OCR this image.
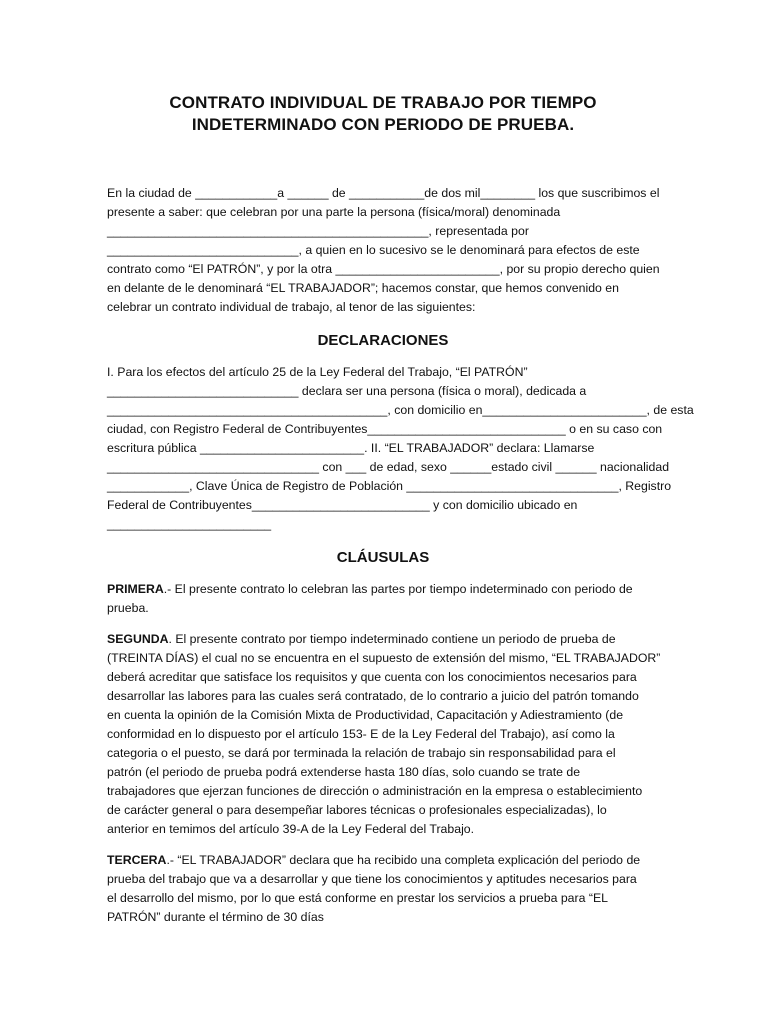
CONTRATO INDIVIDUAL DE TRABAJO POR TIEMPO
INDETERMINADO CON PERIODO DE PRUEBA.
En la ciudad de ____________a ______ de ___________de dos mil________ los que suscribimos el
presente a saber: que celebran por una parte la persona (física/moral) denominada
_______________________________________________, representada por
____________________________, a quien en lo sucesivo se le denominará para efectos de este
contrato como “El PATRÓN”, y por la otra ________________________, por su propio derecho quien
en delante de le denominará “EL TRABAJADOR”; hacemos constar, que hemos convenido en
celebrar un contrato individual de trabajo, al tenor de las siguientes:
DECLARACIONES
I. Para los efectos del artículo 25 de la Ley Federal del Trabajo, “El PATRÓN”
____________________________ declara ser una persona (física o moral), dedicada a
_________________________________________, con domicilio en________________________, de esta
ciudad, con Registro Federal de Contribuyentes_____________________________ o en su caso con
escritura pública ________________________. II. “EL TRABAJADOR” declara: Llamarse
_______________________________ con ___ de edad, sexo ______estado civil ______ nacionalidad
____________, Clave Única de Registro de Población _______________________________, Registro
Federal de Contribuyentes__________________________ y con domicilio ubicado en
________________________
CLÁUSULAS
PRIMERA.- El presente contrato lo celebran las partes por tiempo indeterminado con periodo de
prueba.
SEGUNDA. El presente contrato por tiempo indeterminado contiene un periodo de prueba de
(TREINTA DÍAS) el cual no se encuentra en el supuesto de extensión del mismo, “EL TRABAJADOR”
deberá acreditar que satisface los requisitos y que cuenta con los conocimientos necesarios para
desarrollar las labores para las cuales será contratado, de lo contrario a juicio del patrón tomando
en cuenta la opinión de la Comisión Mixta de Productividad, Capacitación y Adiestramiento (de
conformidad en lo dispuesto por el artículo 153- E de la Ley Federal del Trabajo), así como la
categoria o el puesto, se dará por terminada la relación de trabajo sin responsabilidad para el
patrón (el periodo de prueba podrá extenderse hasta 180 días, solo cuando se trate de
trabajadores que ejerzan funciones de dirección o administración en la empresa o establecimiento
de carácter general o para desempeñar labores técnicas o profesionales especializadas), lo
anterior en temimos del artículo 39-A de la Ley Federal del Trabajo.
TERCERA.- “EL TRABAJADOR” declara que ha recibido una completa explicación del periodo de
prueba del trabajo que va a desarrollar y que tiene los conocimientos y aptitudes necesarios para
el desarrollo del mismo, por lo que está conforme en prestar los servicios a prueba para “EL
PATRÓN” durante el término de 30 días
